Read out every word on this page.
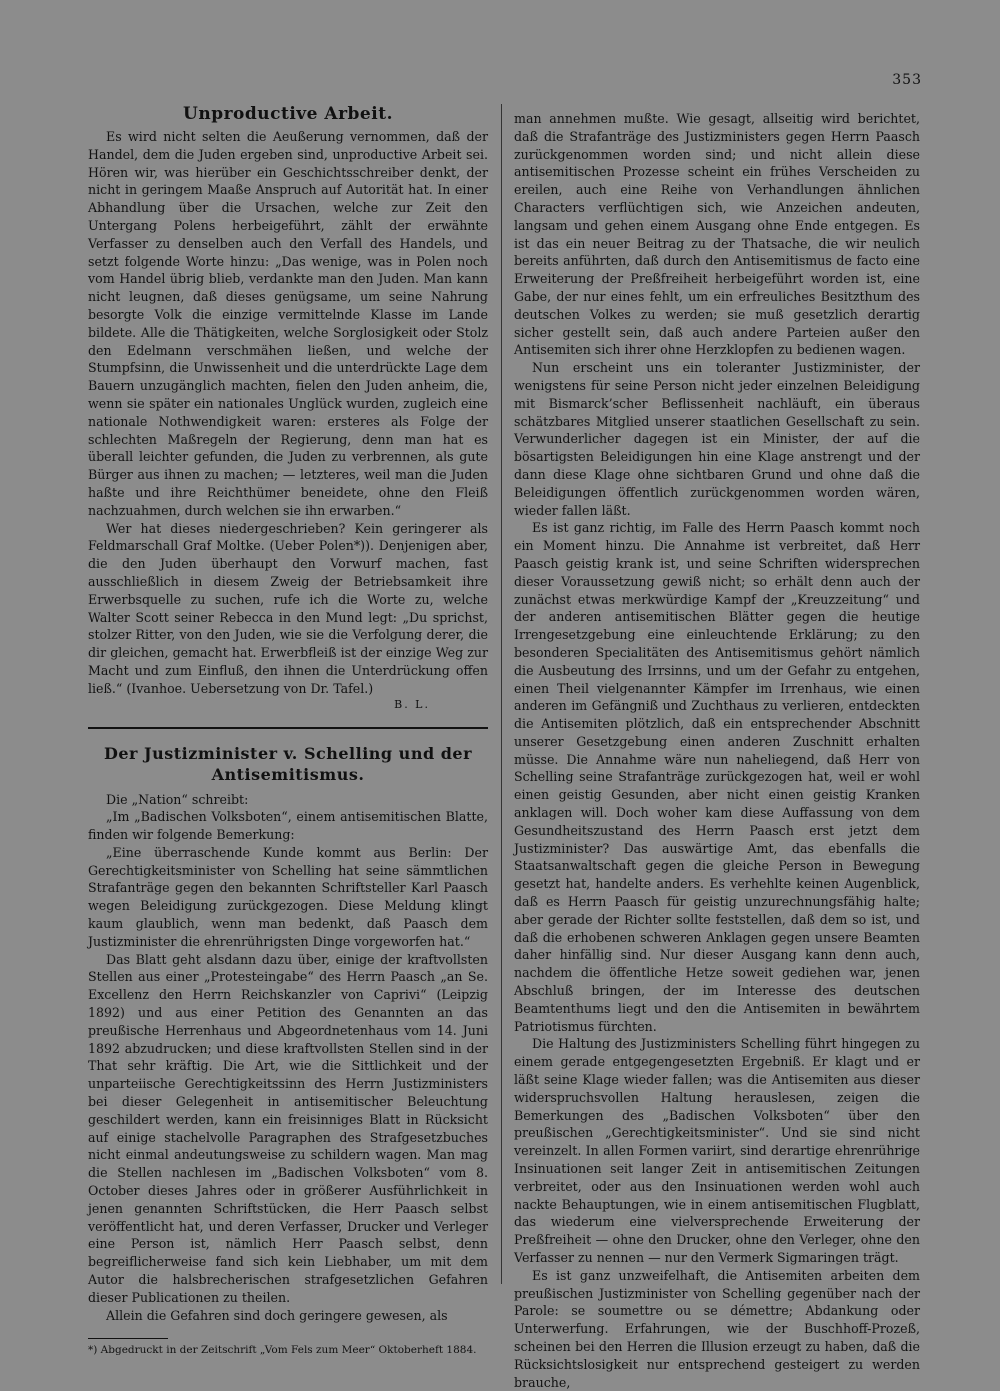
353
Unproductive Arbeit.

Es wird nicht selten die Aeußerung vernommen, daß der Handel, dem die Juden ergeben sind, unproductive Arbeit sei. Hören wir, was hierüber ein Geschichtsschreiber denkt, der nicht in geringem Maaße Anspruch auf Autorität hat. In einer Abhandlung über die Ursachen, welche zur Zeit den Untergang Polens herbeigeführt, zählt der erwähnte Verfasser zu denselben auch den Verfall des Handels, und setzt folgende Worte hinzu: „Das wenige, was in Polen noch vom Handel übrig blieb, verdankte man den Juden. Man kann nicht leugnen, daß dieses genügsame, um seine Nahrung besorgte Volk die einzige vermittelnde Klasse im Lande bildete. Alle die Thätigkeiten, welche Sorglosigkeit oder Stolz den Edelmann verschmähen ließen, und welche der Stumpfsinn, die Unwissenheit und die unterdrückte Lage dem Bauern unzugänglich machten, fielen den Juden anheim, die, wenn sie später ein nationales Unglück wurden, zugleich eine nationale Nothwendigkeit waren: ersteres als Folge der schlechten Maßregeln der Regierung, denn man hat es überall leichter gefunden, die Juden zu verbrennen, als gute Bürger aus ihnen zu machen; — letzteres, weil man die Juden haßte und ihre Reichthümer beneidete, ohne den Fleiß nachzuahmen, durch welchen sie ihn erwarben.“

Wer hat dieses niedergeschrieben? Kein geringerer als Feldmarschall Graf Moltke. (Ueber Polen*)). Denjenigen aber, die den Juden überhaupt den Vorwurf machen, fast ausschließlich in diesem Zweig der Betriebsamkeit ihre Erwerbsquelle zu suchen, rufe ich die Worte zu, welche Walter Scott seiner Rebecca in den Mund legt: „Du sprichst, stolzer Ritter, von den Juden, wie sie die Verfolgung derer, die dir gleichen, gemacht hat. Erwerbfleiß ist der einzige Weg zur Macht und zum Einfluß, den ihnen die Unterdrückung offen ließ.“ (Ivanhoe. Uebersetzung von Dr. Tafel.)

B. L.
Der Justizminister v. Schelling und der Antisemitismus.

Die „Nation“ schreibt:

„Im „Badischen Volksboten“, einem antisemitischen Blatte, finden wir folgende Bemerkung:

„Eine überraschende Kunde kommt aus Berlin: Der Gerechtigkeitsminister von Schelling hat seine sämmtlichen Strafanträge gegen den bekannten Schriftsteller Karl Paasch wegen Beleidigung zurückgezogen. Diese Meldung klingt kaum glaublich, wenn man bedenkt, daß Paasch dem Justizminister die ehrenrührigsten Dinge vorgeworfen hat.“

Das Blatt geht alsdann dazu über, einige der kraftvollsten Stellen aus einer „Protesteingabe“ des Herrn Paasch „an Se. Excellenz den Herrn Reichskanzler von Caprivi“ (Leipzig 1892) und aus einer Petition des Genannten an das preußische Herrenhaus und Abgeordnetenhaus vom 14. Juni 1892 abzudrucken; und diese kraftvollsten Stellen sind in der That sehr kräftig. Die Art, wie die Sittlichkeit und der unparteiische Gerechtigkeitssinn des Herrn Justizministers bei dieser Gelegenheit in antisemitischer Beleuchtung geschildert werden, kann ein freisinniges Blatt in Rücksicht auf einige stachelvolle Paragraphen des Strafgesetzbuches nicht einmal andeutungsweise zu schildern wagen. Man mag die Stellen nachlesen im „Badischen Volksboten“ vom 8. October dieses Jahres oder in größerer Ausführlichkeit in jenen genannten Schriftstücken, die Herr Paasch selbst veröffentlicht hat, und deren Verfasser, Drucker und Verleger eine Person ist, nämlich Herr Paasch selbst, denn begreiflicherweise fand sich kein Liebhaber, um mit dem Autor die halsbrecherischen strafgesetzlichen Gefahren dieser Publicationen zu theilen.

Allein die Gefahren sind doch geringere gewesen, als

*) Abgedruckt in der Zeitschrift „Vom Fels zum Meer“ Oktoberheft 1884.

man annehmen mußte. Wie gesagt, allseitig wird berichtet, daß die Strafanträge des Justizministers gegen Herrn Paasch zurückgenommen worden sind; und nicht allein diese antisemitischen Prozesse scheint ein frühes Verscheiden zu ereilen, auch eine Reihe von Verhandlungen ähnlichen Characters verflüchtigen sich, wie Anzeichen andeuten, langsam und gehen einem Ausgang ohne Ende entgegen. Es ist das ein neuer Beitrag zu der Thatsache, die wir neulich bereits anführten, daß durch den Antisemitismus de facto eine Erweiterung der Preßfreiheit herbeigeführt worden ist, eine Gabe, der nur eines fehlt, um ein erfreuliches Besitzthum des deutschen Volkes zu werden; sie muß gesetzlich derartig sicher gestellt sein, daß auch andere Parteien außer den Antisemiten sich ihrer ohne Herzklopfen zu bedienen wagen.

Nun erscheint uns ein toleranter Justizminister, der wenigstens für seine Person nicht jeder einzelnen Beleidigung mit Bismarck’scher Beflissenheit nachläuft, ein überaus schätzbares Mitglied unserer staatlichen Gesellschaft zu sein. Verwunderlicher dagegen ist ein Minister, der auf die bösartigsten Beleidigungen hin eine Klage anstrengt und der dann diese Klage ohne sichtbaren Grund und ohne daß die Beleidigungen öffentlich zurückgenommen worden wären, wieder fallen läßt.

Es ist ganz richtig, im Falle des Herrn Paasch kommt noch ein Moment hinzu. Die Annahme ist verbreitet, daß Herr Paasch geistig krank ist, und seine Schriften widersprechen dieser Voraussetzung gewiß nicht; so erhält denn auch der zunächst etwas merkwürdige Kampf der „Kreuzzeitung“ und der anderen antisemitischen Blätter gegen die heutige Irrengesetzgebung eine einleuchtende Erklärung; zu den besonderen Specialitäten des Antisemitismus gehört nämlich die Ausbeutung des Irrsinns, und um der Gefahr zu entgehen, einen Theil vielgenannter Kämpfer im Irrenhaus, wie einen anderen im Gefängniß und Zuchthaus zu verlieren, entdeckten die Antisemiten plötzlich, daß ein entsprechender Abschnitt unserer Gesetzgebung einen anderen Zuschnitt erhalten müsse. Die Annahme wäre nun naheliegend, daß Herr von Schelling seine Strafanträge zurückgezogen hat, weil er wohl einen geistig Gesunden, aber nicht einen geistig Kranken anklagen will. Doch woher kam diese Auffassung von dem Gesundheitszustand des Herrn Paasch erst jetzt dem Justizminister? Das auswärtige Amt, das ebenfalls die Staatsanwaltschaft gegen die gleiche Person in Bewegung gesetzt hat, handelte anders. Es verhehlte keinen Augenblick, daß es Herrn Paasch für geistig unzurechnungsfähig halte; aber gerade der Richter sollte feststellen, daß dem so ist, und daß die erhobenen schweren Anklagen gegen unsere Beamten daher hinfällig sind. Nur dieser Ausgang kann denn auch, nachdem die öffentliche Hetze soweit gediehen war, jenen Abschluß bringen, der im Interesse des deutschen Beamtenthums liegt und den die Antisemiten in bewährtem Patriotismus fürchten.

Die Haltung des Justizministers Schelling führt hingegen zu einem gerade entgegengesetzten Ergebniß. Er klagt und er läßt seine Klage wieder fallen; was die Antisemiten aus dieser widerspruchsvollen Haltung herauslesen, zeigen die Bemerkungen des „Badischen Volksboten“ über den preußischen „Gerechtigkeitsminister“. Und sie sind nicht vereinzelt. In allen Formen variirt, sind derartige ehrenrührige Insinuationen seit langer Zeit in antisemitischen Zeitungen verbreitet, oder aus den Insinuationen werden wohl auch nackte Behauptungen, wie in einem antisemitischen Flugblatt, das wiederum eine vielversprechende Erweiterung der Preßfreiheit — ohne den Drucker, ohne den Verleger, ohne den Verfasser zu nennen — nur den Vermerk Sigmaringen trägt.

Es ist ganz unzweifelhaft, die Antisemiten arbeiten dem preußischen Justizminister von Schelling gegenüber nach der Parole: se soumettre ou se démettre; Abdankung oder Unterwerfung. Erfahrungen, wie der Buschhoff-Prozeß, scheinen bei den Herren die Illusion erzeugt zu haben, daß die Rücksichtslosigkeit nur entsprechend gesteigert zu werden brauche,
